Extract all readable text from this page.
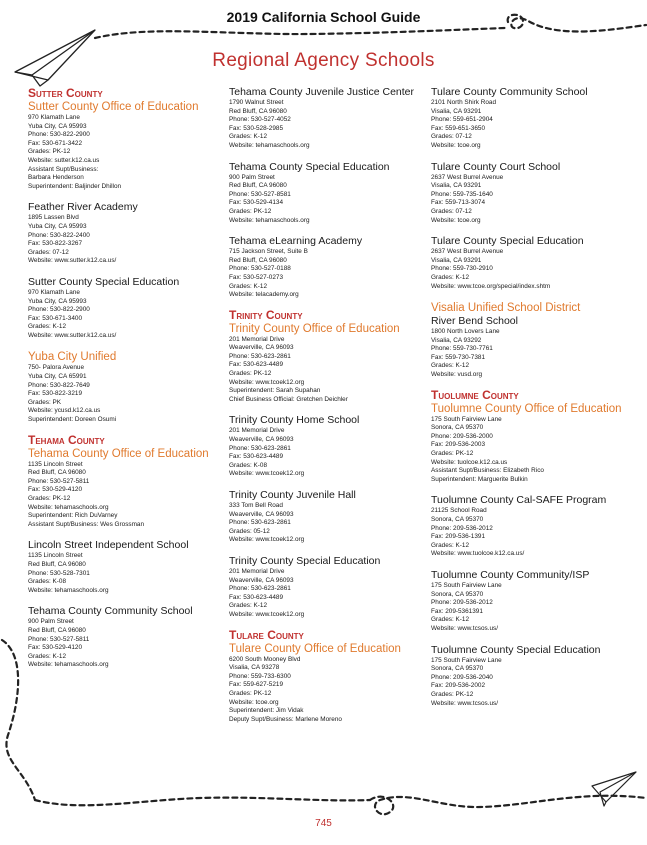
2019 California School Guide
Regional Agency Schools
Sutter County
Sutter County Office of Education
970 Klamath Lane
Yuba City, CA 95993
Phone: 530-822-2900
Fax: 530-671-3422
Grades: PK-12
Website: sutter.k12.ca.us
Assistant Supt/Business:
Barbara Henderson
Superintendent: Baljinder Dhillon
Feather River Academy
1895 Lassen Blvd
Yuba City, CA 95993
Phone: 530-822-2400
Fax: 530-822-3267
Grades: 07-12
Website: www.sutter.k12.ca.us/
Sutter County Special Education
970 Klamath Lane
Yuba City, CA 95993
Phone: 530-822-2900
Fax: 530-671-3400
Grades: K-12
Website: www.sutter.k12.ca.us/
Yuba City Unified
750- Palora Avenue
Yuba City, CA 65991
Phone: 530-822-7649
Fax: 530-822-3219
Grades: PK
Website: ycusd.k12.ca.us
Superintendent: Doreen Osumi
Tehama County
Tehama County Office of Education
1135 Lincoln Street
Red Bluff, CA 96080
Phone: 530-527-5811
Fax: 530-529-4120
Grades: PK-12
Website: tehamaschools.org
Superintendent: Rich DuVarney
Assistant Supt/Business: Wes Grossman
Lincoln Street Independent School
1135 Lincoln Street
Red Bluff, CA 96080
Phone: 530-528-7301
Grades: K-08
Website: tehamaschools.org
Tehama County Community School
900 Palm Street
Red Bluff, CA 96080
Phone: 530-527-5811
Fax: 530-529-4120
Grades: K-12
Website: tehamaschools.org
Tehama County Juvenile Justice Center
1790 Walnut Street
Red Bluff, CA 96080
Phone: 530-527-4052
Fax: 530-528-2985
Grades: K-12
Website: tehamaschools.org
Tehama County Special Education
900 Palm Street
Red Bluff, CA 96080
Phone: 530-527-8581
Fax: 530-529-4134
Grades: PK-12
Website: tehamaschools.org
Tehama eLearning Academy
715 Jackson Street, Suite B
Red Bluff, CA 96080
Phone: 530-527-0188
Fax: 530-527-0273
Grades: K-12
Website: telacademy.org
Trinity County
Trinity County Office of Education
201 Memorial Drive
Weaverville, CA 96093
Phone: 530-623-2861
Fax: 530-623-4489
Grades: PK-12
Website: www.tcoek12.org
Superintendent: Sarah Supahan
Chief Business Official: Gretchen Deichler
Trinity County Home School
201 Memorial Drive
Weaverville, CA 96093
Phone: 530-623-2861
Fax: 530-623-4489
Grades: K-08
Website: www.tcoek12.org
Trinity County Juvenile Hall
333 Tom Bell Road
Weaverville, CA 96093
Phone: 530-623-2861
Grades: 05-12
Website: www.tcoek12.org
Trinity County Special Education
201 Memorial Drive
Weaverville, CA 96093
Phone: 530-623-2861
Fax: 530-623-4489
Grades: K-12
Website: www.tcoek12.org
Tulare County
Tulare County Office of Education
6200 South Mooney Blvd
Visalia, CA 93278
Phone: 559-733-6300
Fax: 559-627-5219
Grades: PK-12
Website: tcoe.org
Superintendent: Jim Vidak
Deputy Supt/Business: Marlene Moreno
Tulare County Community School
2101 North Shirk Road
Visalia, CA 93291
Phone: 559-651-2904
Fax: 559-651-3650
Grades: 07-12
Website: tcoe.org
Tulare County Court School
2637 West Burrel Avenue
Visalia, CA 93291
Phone: 559-735-1640
Fax: 559-713-3074
Grades: 07-12
Website: tcoe.org
Tulare County Special Education
2637 West Burrel Avenue
Visalia, CA 93291
Phone: 559-730-2910
Grades: K-12
Website: www.tcoe.org/special/index.shtm
Visalia Unified School District
River Bend School
1800 North Lovers Lane
Visalia, CA 93292
Phone: 559-730-7761
Fax: 559-730-7381
Grades: K-12
Website: vusd.org
Tuolumne County
Tuolumne County Office of Education
175 South Fairview Lane
Sonora, CA 95370
Phone: 209-536-2000
Fax: 209-536-2003
Grades: PK-12
Website: tuolcoe.k12.ca.us
Assistant Supt/Business: Elizabeth Rico
Superintendent: Marguerite Bulkin
Tuolumne County Cal-SAFE Program
21125 School Road
Sonora, CA 95370
Phone: 209-536-2012
Fax: 209-536-1391
Grades: K-12
Website: www.tuolcoe.k12.ca.us/
Tuolumne County Community/ISP
175 South Fairview Lane
Sonora, CA 95370
Phone: 209-536-2012
Fax: 209-5361391
Grades: K-12
Website: www.tcsos.us/
Tuolumne County Special Education
175 South Fairview Lane
Sonora, CA 95370
Phone: 209-536-2040
Fax: 209-536-2002
Grades: PK-12
Website: www.tcsos.us/
745
